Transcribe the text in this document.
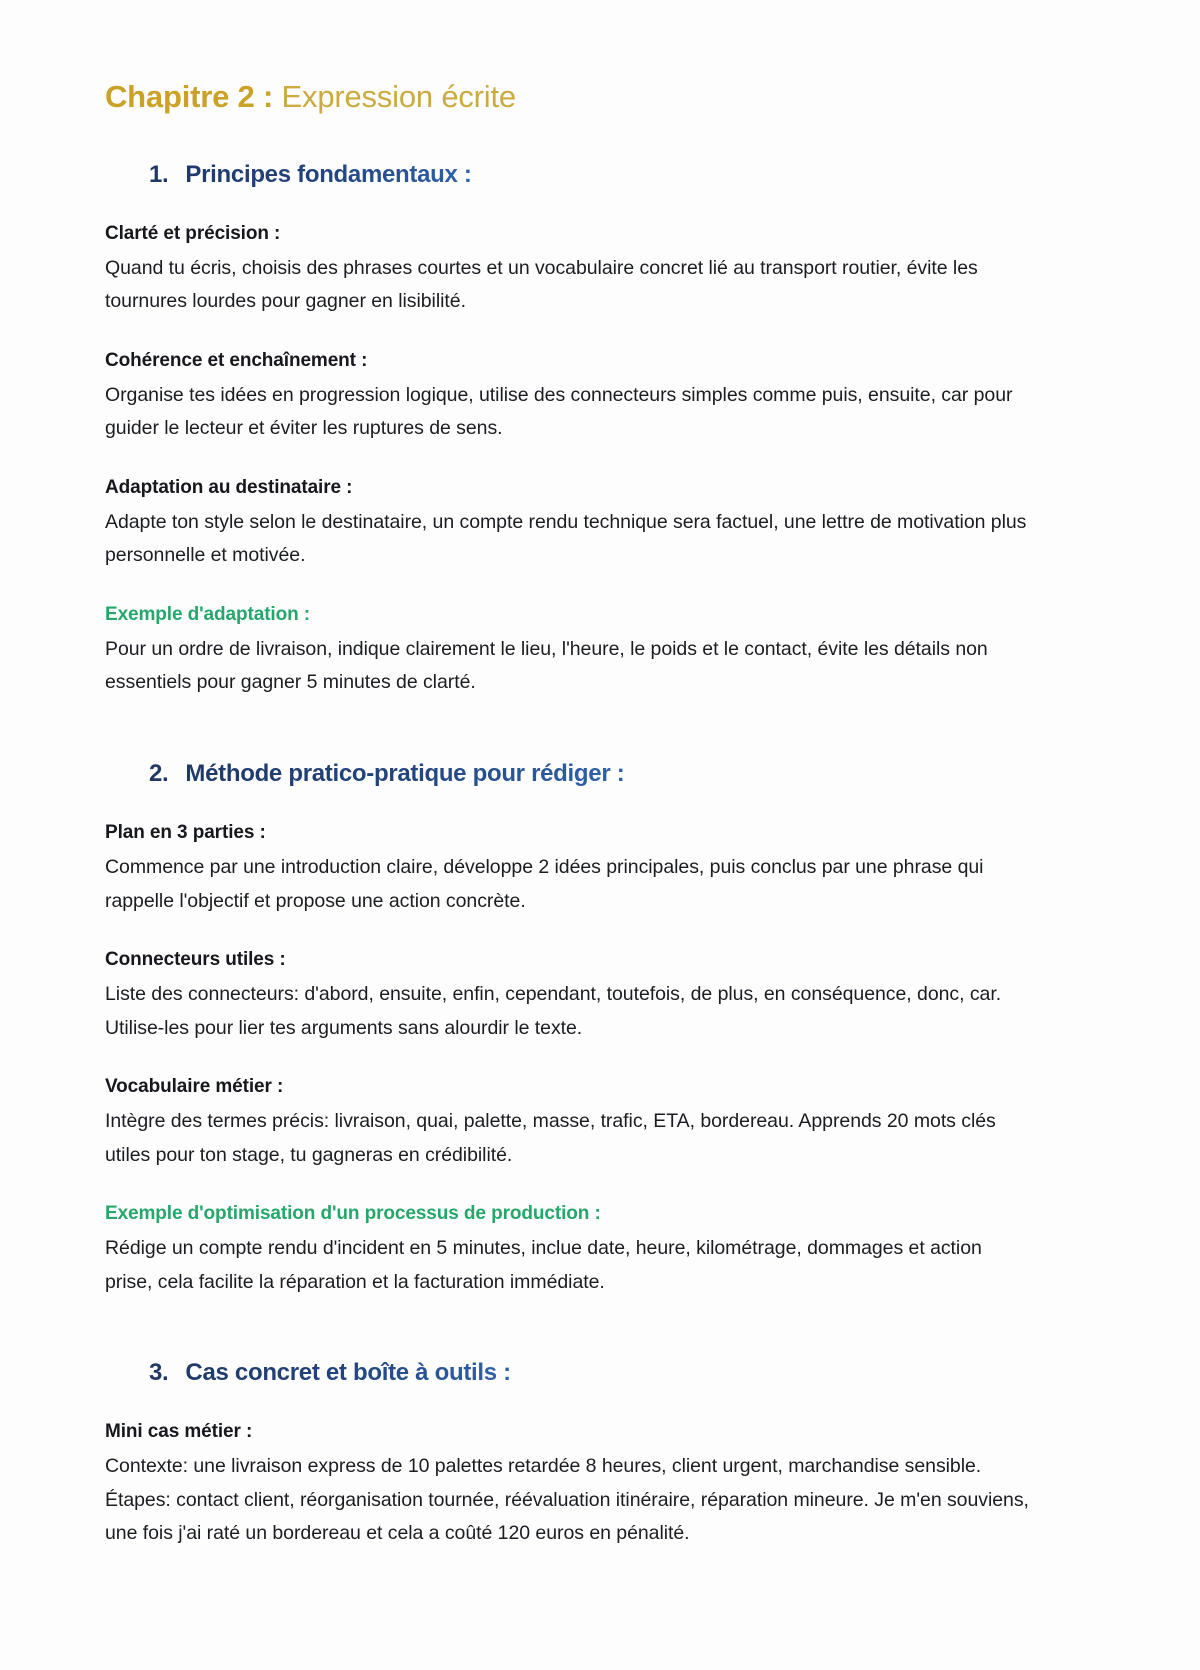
Chapitre 2 : Expression écrite
1. Principes fondamentaux :
Clarté et précision :

Quand tu écris, choisis des phrases courtes et un vocabulaire concret lié au transport routier, évite les tournures lourdes pour gagner en lisibilité.

Cohérence et enchaînement :

Organise tes idées en progression logique, utilise des connecteurs simples comme puis, ensuite, car pour guider le lecteur et éviter les ruptures de sens.

Adaptation au destinataire :

Adapte ton style selon le destinataire, un compte rendu technique sera factuel, une lettre de motivation plus personnelle et motivée.

Exemple d'adaptation :

Pour un ordre de livraison, indique clairement le lieu, l'heure, le poids et le contact, évite les détails non essentiels pour gagner 5 minutes de clarté.

2. Méthode pratico-pratique pour rédiger :
Plan en 3 parties :

Commence par une introduction claire, développe 2 idées principales, puis conclus par une phrase qui rappelle l'objectif et propose une action concrète.

Connecteurs utiles :

Liste des connecteurs: d'abord, ensuite, enfin, cependant, toutefois, de plus, en conséquence, donc, car. Utilise-les pour lier tes arguments sans alourdir le texte.

Vocabulaire métier :

Intègre des termes précis: livraison, quai, palette, masse, trafic, ETA, bordereau. Apprends 20 mots clés utiles pour ton stage, tu gagneras en crédibilité.

Exemple d'optimisation d'un processus de production :

Rédige un compte rendu d'incident en 5 minutes, inclue date, heure, kilométrage, dommages et action prise, cela facilite la réparation et la facturation immédiate.

3. Cas concret et boîte à outils :
Mini cas métier :

Contexte: une livraison express de 10 palettes retardée 8 heures, client urgent, marchandise sensible. Étapes: contact client, réorganisation tournée, réévaluation itinéraire, réparation mineure. Je m'en souviens, une fois j'ai raté un bordereau et cela a coûté 120 euros en pénalité.
